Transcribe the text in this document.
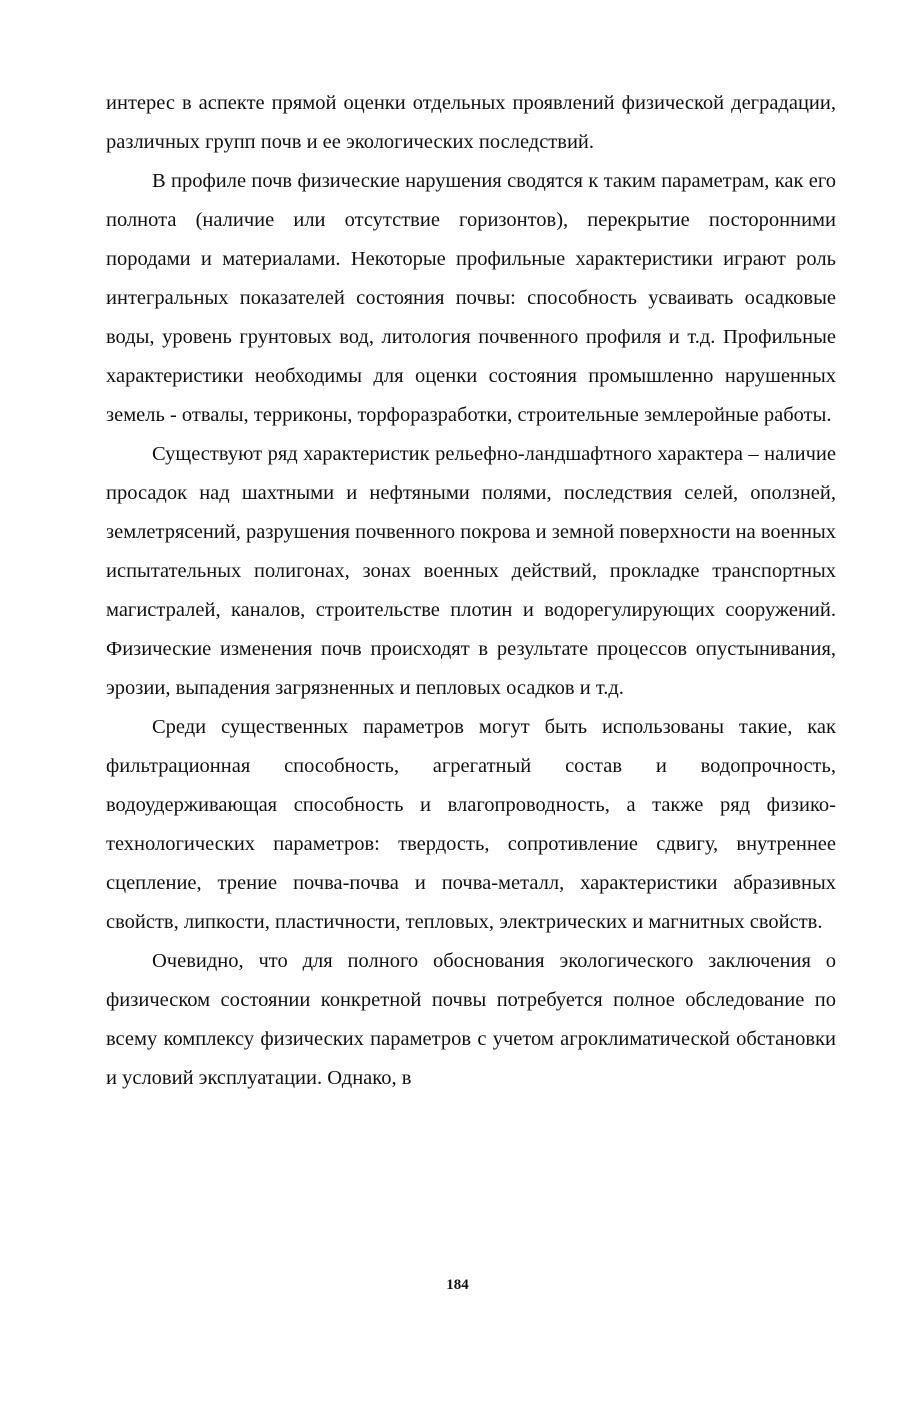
интерес в аспекте прямой оценки отдельных проявлений физической деградации, различных групп почв и ее экологических последствий.

В профиле почв физические нарушения сводятся к таким параметрам, как его полнота (наличие или отсутствие горизонтов), перекрытие посторонними породами и материалами. Некоторые профильные характеристики играют роль интегральных показателей состояния почвы: способность усваивать осадковые воды, уровень грунтовых вод, литология почвенного профиля и т.д. Профильные характеристики необходимы для оценки состояния промышленно нарушенных земель - отвалы, терриконы, торфоразработки, строительные землеройные работы.

Существуют ряд характеристик рельефно-ландшафтного характера – наличие просадок над шахтными и нефтяными полями, последствия селей, оползней, землетрясений, разрушения почвенного покрова и земной поверхности на военных испытательных полигонах, зонах военных действий, прокладке транспортных магистралей, каналов, строительстве плотин и водорегулирующих сооружений. Физические изменения почв происходят в результате процессов опустынивания, эрозии, выпадения загрязненных и пепловых осадков и т.д.

Среди существенных параметров могут быть использованы такие, как фильтрационная способность, агрегатный состав и водопрочность, водоудерживающая способность и влагопроводность, а также ряд физико-технологических параметров: твердость, сопротивление сдвигу, внутреннее сцепление, трение почва-почва и почва-металл, характеристики абразивных свойств, липкости, пластичности, тепловых, электрических и магнитных свойств.

Очевидно, что для полного обоснования экологического заключения о физическом состоянии конкретной почвы потребуется полное обследование по всему комплексу физических параметров с учетом агроклиматической обстановки и условий эксплуатации. Однако, в

184
